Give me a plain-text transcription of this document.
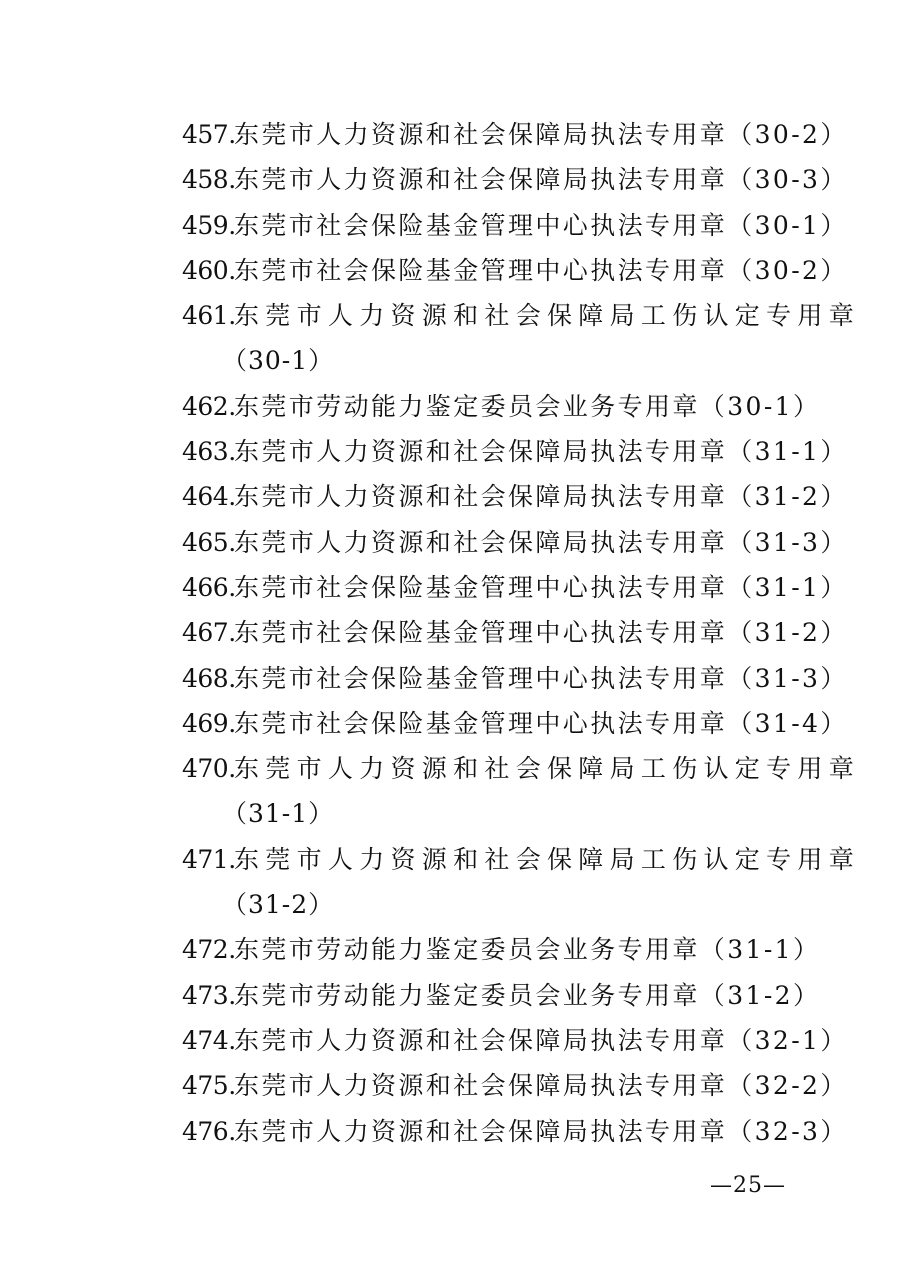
457.东莞市人力资源和社会保障局执法专用章（30-2）
458.东莞市人力资源和社会保障局执法专用章（30-3）
459.东莞市社会保险基金管理中心执法专用章（30-1）
460.东莞市社会保险基金管理中心执法专用章（30-2）
461.东莞市人力资源和社会保障局工伤认定专用章
（30-1）
462.东莞市劳动能力鉴定委员会业务专用章（30-1）
463.东莞市人力资源和社会保障局执法专用章（31-1）
464.东莞市人力资源和社会保障局执法专用章（31-2）
465.东莞市人力资源和社会保障局执法专用章（31-3）
466.东莞市社会保险基金管理中心执法专用章（31-1）
467.东莞市社会保险基金管理中心执法专用章（31-2）
468.东莞市社会保险基金管理中心执法专用章（31-3）
469.东莞市社会保险基金管理中心执法专用章（31-4）
470.东莞市人力资源和社会保障局工伤认定专用章
（31-1）
471.东莞市人力资源和社会保障局工伤认定专用章
（31-2）
472.东莞市劳动能力鉴定委员会业务专用章（31-1）
473.东莞市劳动能力鉴定委员会业务专用章（31-2）
474.东莞市人力资源和社会保障局执法专用章（32-1）
475.东莞市人力资源和社会保障局执法专用章（32-2）
476.东莞市人力资源和社会保障局执法专用章（32-3）
—25—
